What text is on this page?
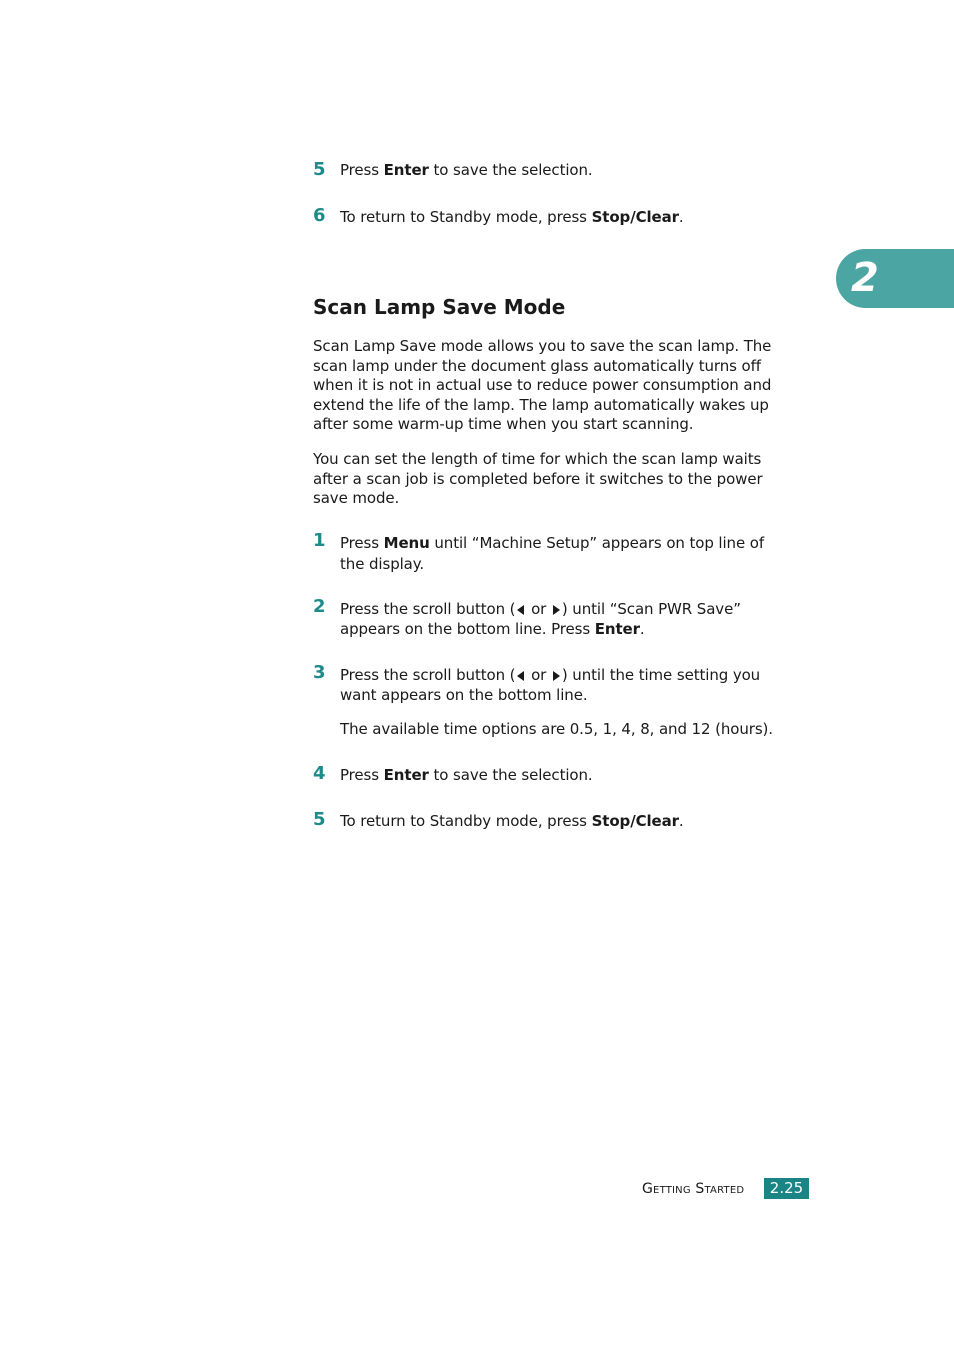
2
5 Press Enter to save the selection.
6 To return to Standby mode, press Stop/Clear.
Scan Lamp Save Mode
Scan Lamp Save mode allows you to save the scan lamp. The
scan lamp under the document glass automatically turns off
when it is not in actual use to reduce power consumption and
extend the life of the lamp. The lamp automatically wakes up
after some warm-up time when you start scanning.
You can set the length of time for which the scan lamp waits
after a scan job is completed before it switches to the power
save mode.
1 Press Menu until “Machine Setup” appears on top line of
the display.
2 Press the scroll button ( or ) until “Scan PWR Save”
appears on the bottom line. Press Enter.
3 Press the scroll button ( or ) until the time setting you
want appears on the bottom line.
The available time options are 0.5, 1, 4, 8, and 12 (hours).
4 Press Enter to save the selection.
5 To return to Standby mode, press Stop/Clear.
Getting Started	2.25
